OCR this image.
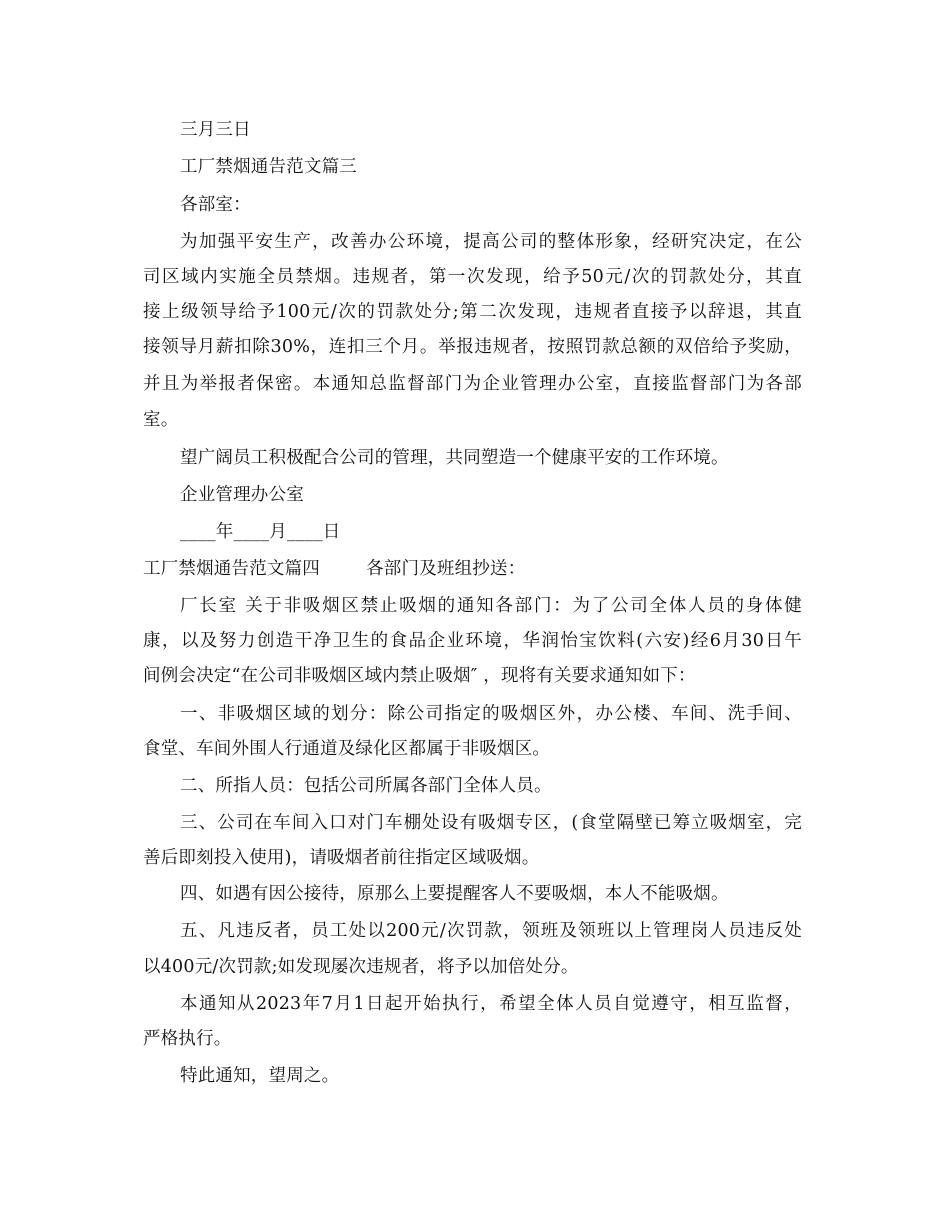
三月三日
工厂禁烟通告范文篇三
各部室：
为加强平安生产，改善办公环境，提高公司的整体形象，经研究决定，在公
司区域内实施全员禁烟。违规者，第一次发现，给予50元/次的罚款处分，其直
接上级领导给予100元/次的罚款处分;第二次发现，违规者直接予以辞退，其直
接领导月薪扣除30%，连扣三个月。举报违规者，按照罚款总额的双倍给予奖励，
并且为举报者保密。本通知总监督部门为企业管理办公室，直接监督部门为各部
室。
望广阔员工积极配合公司的管理，共同塑造一个健康平安的工作环境。
企业管理办公室
____年____月____日
工厂禁烟通告范文篇四        各部门及班组抄送：
厂长室 关于非吸烟区禁止吸烟的通知各部门：为了公司全体人员的身体健
康，以及努力创造干净卫生的食品企业环境，华润怡宝饮料(六安)经6月30日午
间例会决定“在公司非吸烟区域内禁止吸烟″ ，现将有关要求通知如下：
一、非吸烟区域的划分：除公司指定的吸烟区外，办公楼、车间、洗手间、
食堂、车间外围人行通道及绿化区都属于非吸烟区。
二、所指人员：包括公司所属各部门全体人员。
三、公司在车间入口对门车棚处设有吸烟专区，(食堂隔壁已筹立吸烟室，完
善后即刻投入使用)，请吸烟者前往指定区域吸烟。
四、如遇有因公接待，原那么上要提醒客人不要吸烟，本人不能吸烟。
五、凡违反者，员工处以200元/次罚款，领班及领班以上管理岗人员违反处
以400元/次罚款;如发现屡次违规者，将予以加倍处分。
本通知从2023年7月1日起开始执行，希望全体人员自觉遵守，相互监督，
严格执行。
特此通知，望周之。
